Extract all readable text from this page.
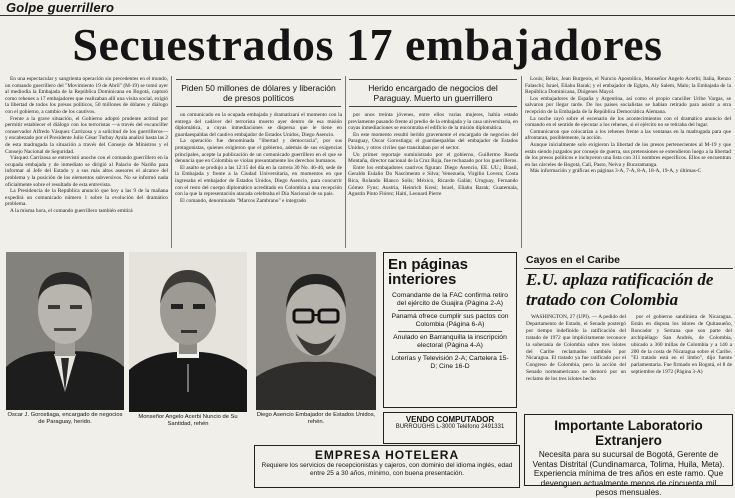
Golpe guerrillero
Secuestrados 17 embajadores

En una espectacular y sangrienta operación sin precedentes en el mundo, un comando guerrillero del "Movimiento 19 de Abril" (M-19) se tomó ayer al mediodía la Embajada de la República Dominicana en Bogotá, capturó como rehenes a 17 embajadores que realizaban allí una visita social, exigió la libertad de todos los presos políticos, 50 millones de dólares y diálogo con el gobierno, a cambio de los cautivos.

Frente a la grave situación, el Gobierno adoptó prudente actitud por permitir establecer el diálogo con los terroristas —a través del excanciller conservador Alfredo Vásquez Carrizosa y a solicitud de los guerrilleros— y encabezado por el Presidente Julio César Turbay Ayala analizó hasta las 2 de esta madrugada la situación a través del Consejo de Ministros y el Consejo Nacional de Seguridad.

Vásquez Carrizosa se entrevistó anoche con el comando guerrillero en la ocupada embajada y de inmediato se dirigió al Palacio de Nariño para informar al Jefe del Estado y a sus más altos asesores el alcance del problema y la posición de los elementos subversivos. No se informó nada oficialmente sobre el resultado de esta entrevista.

La Presidencia de la República anunció que hoy a las 9 de la mañana expedirá un comunicado número 1 sobre la evolución del dramático problema.

A la misma hora, el comando guerrillero también emitirá

Piden 50 millones de dólares y liberación de presos políticos

un comunicado en la ocupada embajada y dramatizará el momento con la entrega del cadáver del terrorista muerto ayer dentro de esa misión diplomática, a cuyas inmediaciones se dispersa que le tiene en guardaespaldas del cautivo embajador de Estados Unidos, Diego Asencio.

La operación fue denominada "libertad y democracia", por sus protagonistas, quienes exigieron que el gobierno, además de sus exigencias principales, acepte la publicación de un comunicado guerrillero en el que se denuncia que en Colombia se violan presuntamente los derechos humanos.

El asalto se produjo a las 12:15 del día en la carrera 30 No. 46-46, sede de la Embajada y frente a la Ciudad Universitaria, en momentos en que ingresaba el embajador de Estados Unidos, Diego Asencio, para concurrir con el resto del cuerpo diplomático acreditado en Colombia a una recepción con la que la representación atacada celebraba el Día Nacional de su país.

El comando, denominado "Marcos Zambrano" e integrado

Herido encargado de negocios del Paraguay. Muerto un guerrillero

por unos treinta jóvenes, entre ellos varias mujeres, había estado previamente pasando frente al predio de la embajada y la casa universitaria, en cuyas inmediaciones se encontraba el edificio de la misión diplomática.

En este momento resultó herido gravemente el encargado de negocios del Paraguay, Oscar Gorostiaga; el guardaespaldas del embajador de Estados Unidos, y otros civiles que transitaban por el sector.

Un primer reportaje suministrado por el gobierno, Guillermo Rueda Montaña, director nacional de la Cruz Roja, fue rechazado por los guerrilleros.

Entre los embajadores cautivos figuran: Diego Asencio, EE. UU.; Brasil, Geraldo Eulalio Do Nascimento e Silva; Venezuela, Virgilio Lovera; Costa Rica, Rolando Blanco Solís; México, Ricardo Galán; Uruguay, Fernando Gómez Fyns; Austria, Heinrich Kresi; Israel, Eliahu Barak; Guatemala, Agustín Pinto Flórez; Haití, Leonard Pierre

Louis; Bélax, Jean Burgeois, el Nuncio Apostólico, Monseñor Angelo Acerbi; Italia, Renzo Falaschi; Israel, Eliahu Barak; y el embajador de Egipto, Aly Salem, Malo; la Embajada de la República Dominicana, Diógenes Mayol.

Los embajadores de España y Argentina, así como el propio canciller Uribe Vargas, se salvaron por llegar tarde. De los países socialistas se habían retirado para asistir a otra recepción de la Embajada de la República Democrática Alemana.

La noche cayó sobre el escenario de los acontecimientos con el dramático anuncio del comando en el sentido de ejecutar a los rehenes, si el ejército no se retiraba del lugar.

Comunicaron que colocarían a los rehenes frente a las ventanas en la madrugada para que afrontaran, posiblemente, la acción.

Aunque inicialmente solo exigieron la libertad de los presos pertenecientes al M-19 y que están siendo juzgados por consejo de guerra, sus pretensiones se extendieron luego a la libertad de los presos políticos e incluyeron una lista con 311 nombres específicos. Ellos se encuentran en las cárceles de Bogotá, Cali, Pasto, Neiva y Bucaramanga.

Más información y gráficas en páginas 3-A, 7-A, 8-A, 18-A, 19-A, y últimas-C

Oscar J. Gorostiaga, encargado de negocios de Paraguay, herido.
Monseñor Angelo Acerbi Nuncio de Su Santidad, rehén
Diego Asencio Embajador de Estados Unidos, rehén.
En páginas interiores
Comandante de la FAC confirma retiro del ejército de Guajira (Página 2-A)
Panamá ofrece cumplir sus pactos con Colombia (Página 6-A)
Anulado en Barranquilla la inscripción electoral (Página 4-A)
Loterías y Televisión 2-A; Cartelera 15-D; Cine 16-D
VENDO COMPUTADOR
BURROUGHS L-3000 Teléfono 2491331
EMPRESA HOTELERA
Requiere los servicios de recepcionistas y cajeros, con dominio del idioma inglés, edad entre 25 a 30 años, mínimo, con buena presentación.
Cayos en el Caribe
E.U. aplaza ratificación de tratado con Colombia

WASHINGTON, 27 (UPI). — A pedido del Departamento de Estado, el Senado postergó por tiempo indefinido la ratificación del tratado de 1972 que implícitamente reconoce la soberanía de Colombia sobre tres islotes del Caribe reclamados también por Nicaragua. El tratado ya fue ratificado por el Congreso de Colombia, pero la acción del Senado norteamericano se demoró por un reclamo de los tres islotes hecho

por el gobierno sandinista de Nicaragua. Están en disputa los islotes de Quitasueño, Roncador y Serrana que son parte del archipiélago San Andrés, de Colombia, ubicado a 360 millas de Colombia y a 140 a 200 de la costa de Nicaragua sobre el Caribe. "El tratado está en el limbo", dijo fuente parlamentaria. Fue firmado en Bogotá, el 8 de septiembre de 1972 (Página 3-A)

Importante Laboratorio Extranjero
Necesita para su sucursal de Bogotá, Gerente de Ventas Distrital (Cundinamarca, Tolima, Huila, Meta). Experiencia mínima de tres años en este ramo. Que devenguen actualmente menos de cincuenta mil pesos mensuales.
